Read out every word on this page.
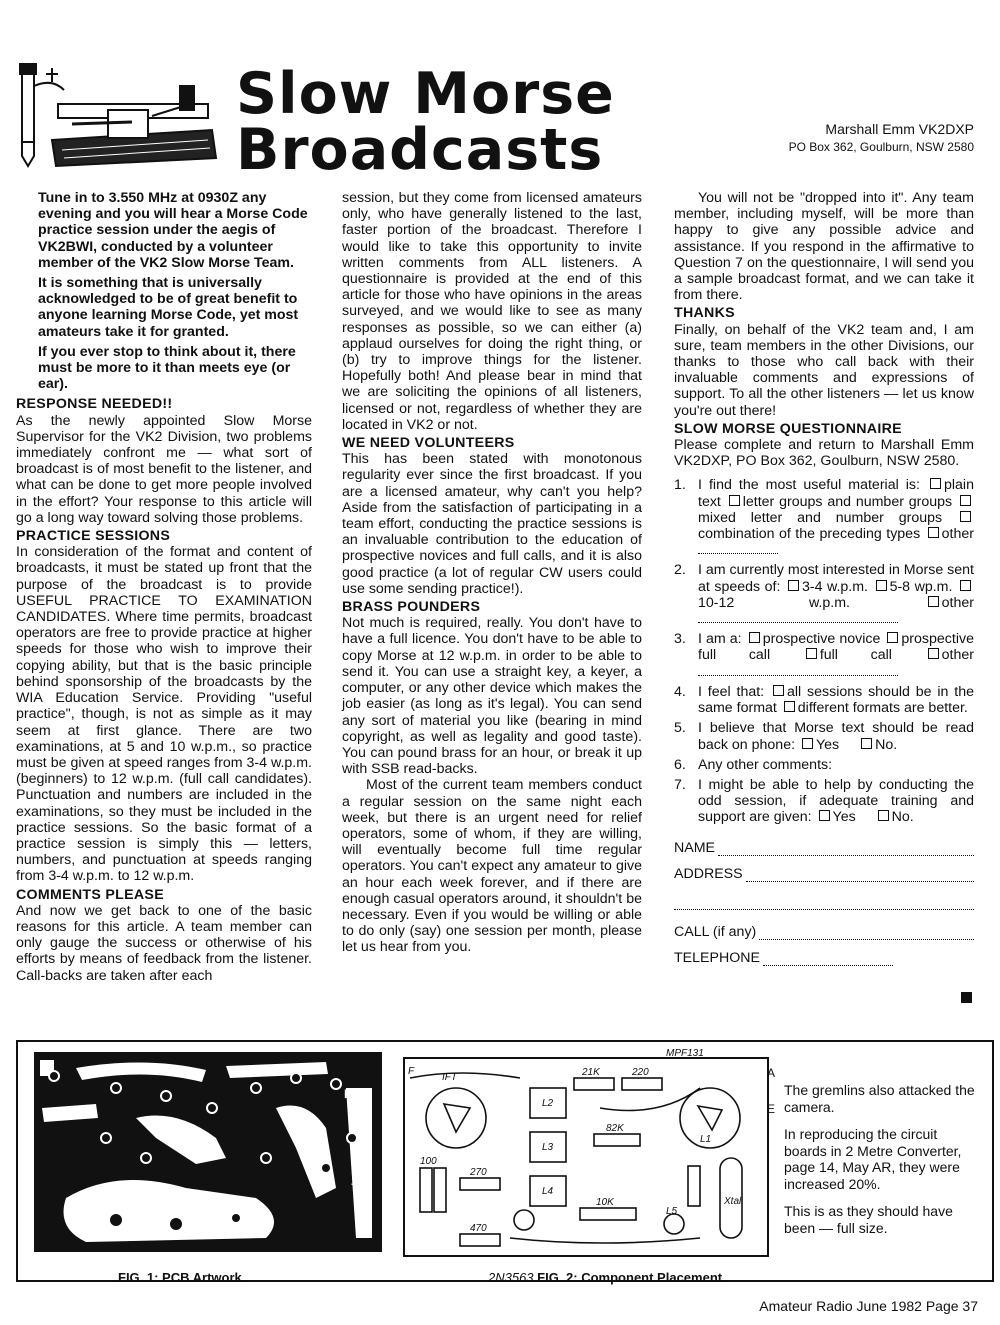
Slow Morse
Broadcasts	Marshall Emm VK2DXP
PO Box 362, Goulburn, NSW 2580

Tune in to 3.550 MHz at 0930Z any evening and you will hear a Morse Code practice session under the aegis of VK2BWI, conducted by a volunteer member of the VK2 Slow Morse Team.

It is something that is universally acknowledged to be of great benefit to anyone learning Morse Code, yet most amateurs take it for granted.

If you ever stop to think about it, there must be more to it than meets eye (or ear).

RESPONSE NEEDED!!

As the newly appointed Slow Morse Supervisor for the VK2 Division, two problems immediately confront me — what sort of broadcast is of most benefit to the listener, and what can be done to get more people involved in the effort? Your response to this article will go a long way toward solving those problems.

PRACTICE SESSIONS

In consideration of the format and content of broadcasts, it must be stated up front that the purpose of the broadcast is to provide USEFUL PRACTICE TO EXAMINATION CANDIDATES. Where time permits, broadcast operators are free to provide practice at higher speeds for those who wish to improve their copying ability, but that is the basic principle behind sponsorship of the broadcasts by the WIA Education Service. Providing "useful practice", though, is not as simple as it may seem at first glance. There are two examinations, at 5 and 10 w.p.m., so practice must be given at speed ranges from 3-4 w.p.m. (beginners) to 12 w.p.m. (full call candidates). Punctuation and numbers are included in the examinations, so they must be included in the practice sessions. So the basic format of a practice session is simply this — letters, numbers, and punctuation at speeds ranging from 3-4 w.p.m. to 12 w.p.m.

COMMENTS PLEASE

And now we get back to one of the basic reasons for this article. A team member can only gauge the success or otherwise of his efforts by means of feedback from the listener. Call-backs are taken after each

session, but they come from licensed amateurs only, who have generally listened to the last, faster portion of the broadcast. Therefore I would like to take this opportunity to invite written comments from ALL listeners. A questionnaire is provided at the end of this article for those who have opinions in the areas surveyed, and we would like to see as many responses as possible, so we can either (a) applaud ourselves for doing the right thing, or (b) try to improve things for the listener. Hopefully both! And please bear in mind that we are soliciting the opinions of all listeners, licensed or not, regardless of whether they are located in VK2 or not.

WE NEED VOLUNTEERS

This has been stated with monotonous regularity ever since the first broadcast. If you are a licensed amateur, why can't you help? Aside from the satisfaction of participating in a team effort, conducting the practice sessions is an invaluable contribution to the education of prospective novices and full calls, and it is also good practice (a lot of regular CW users could use some sending practice!).

BRASS POUNDERS

Not much is required, really. You don't have to have a full licence. You don't have to be able to copy Morse at 12 w.p.m. in order to be able to send it. You can use a straight key, a keyer, a computer, or any other device which makes the job easier (as long as it's legal). You can send any sort of material you like (bearing in mind copyright, as well as legality and good taste). You can pound brass for an hour, or break it up with SSB read-backs.

Most of the current team members conduct a regular session on the same night each week, but there is an urgent need for relief operators, some of whom, if they are willing, will eventually become full time regular operators. You can't expect any amateur to give an hour each week forever, and if there are enough casual operators around, it shouldn't be necessary. Even if you would be willing or able to do only (say) one session per month, please let us hear from you.

You will not be "dropped into it". Any team member, including myself, will be more than happy to give any possible advice and assistance. If you respond in the affirmative to Question 7 on the questionnaire, I will send you a sample broadcast format, and we can take it from there.

THANKS

Finally, on behalf of the VK2 team and, I am sure, team members in the other Divisions, our thanks to those who call back with their invaluable comments and expressions of support. To all the other listeners — let us know you're out there!

SLOW MORSE QUESTIONNAIRE

Please complete and return to Marshall Emm VK2DXP, PO Box 362, Goulburn, NSW 2580.

1. I find the most useful material is: plain text letter groups and number groups mixed letter and number groups combination of the preceding types other
2. I am currently most interested in Morse sent at speeds of: 3-4 w.p.m. 5-8 wp.m. 10-12 w.p.m.	other
3. I am a: prospective novice prospective full call	full call	other
4. I feel that: all sessions should be in the same format different formats are better.
5. I believe that Morse text should be read back on phone: Yes	No.
6. Any other comments:
7. I might be able to help by conducting the odd session, if adequate training and support are given: Yes	No.
NAME
ADDRESS
CALL (if any)
TELEPHONE
A
IF
+12
FIG. 1: PCB Artwork.
IFT	21K	220
82K
10K
270
470
100
L1
L2
L3
L4
L5
Xtal
F
MPF131
A
E
2N3563 FIG. 2: Component Placement.

The gremlins also attacked the camera.

In reproducing the circuit boards in 2 Metre Converter, page 14, May AR, they were increased 20%.

This is as they should have been — full size.

Amateur Radio June 1982 Page 37
